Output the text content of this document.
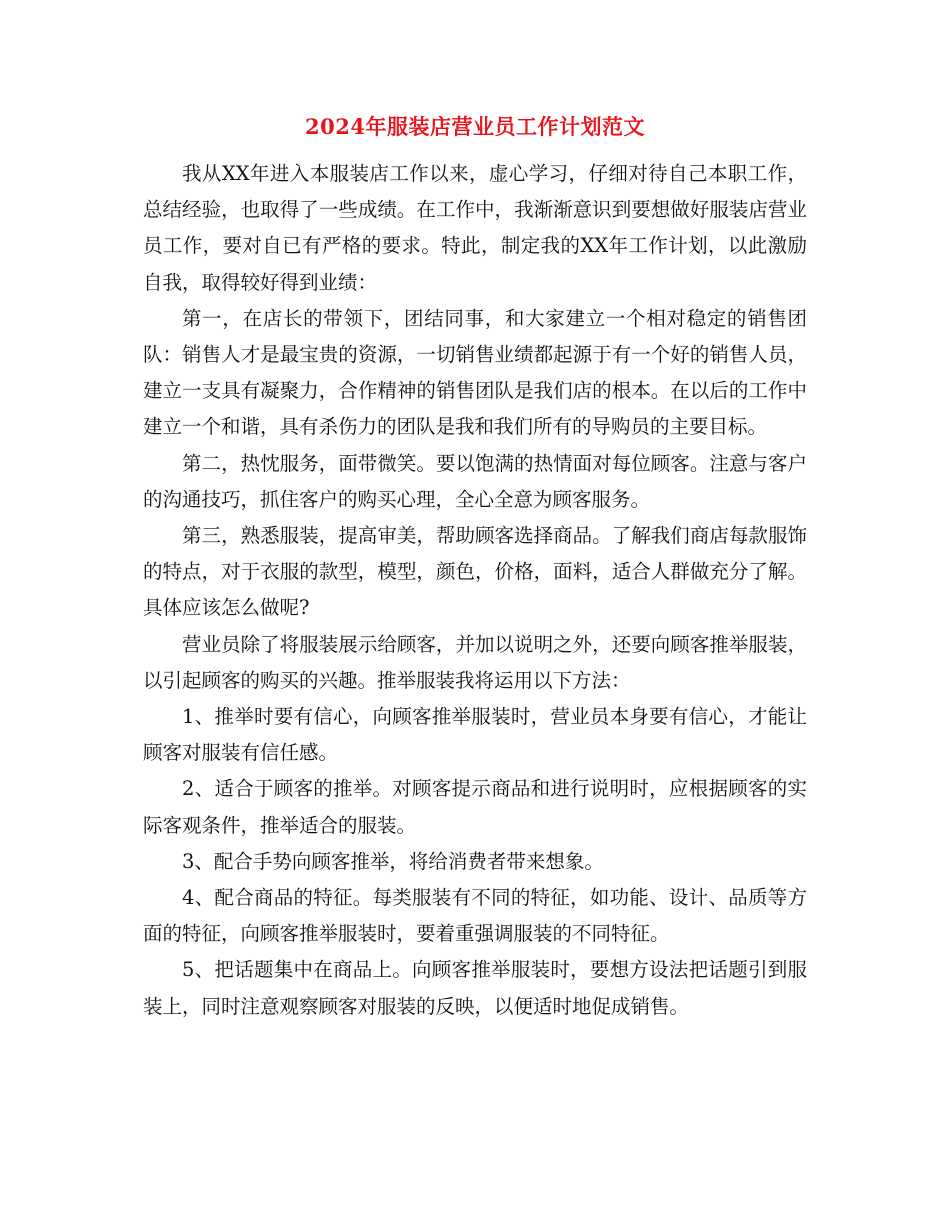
2024年服装店营业员工作计划范文

我从XX年进入本服装店工作以来，虚心学习，仔细对待自己本职工作，总结经验，也取得了一些成绩。在工作中，我渐渐意识到要想做好服装店营业员工作，要对自已有严格的要求。特此，制定我的XX年工作计划，以此激励自我，取得较好得到业绩：

第一，在店长的带领下，团结同事，和大家建立一个相对稳定的销售团队：销售人才是最宝贵的资源，一切销售业绩都起源于有一个好的销售人员，建立一支具有凝聚力，合作精神的销售团队是我们店的根本。在以后的工作中建立一个和谐，具有杀伤力的团队是我和我们所有的导购员的主要目标。

第二，热忱服务，面带微笑。要以饱满的热情面对每位顾客。注意与客户的沟通技巧，抓住客户的购买心理，全心全意为顾客服务。

第三，熟悉服装，提高审美，帮助顾客选择商品。了解我们商店每款服饰的特点，对于衣服的款型，模型，颜色，价格，面料，适合人群做充分了解。具体应该怎么做呢?

营业员除了将服装展示给顾客，并加以说明之外，还要向顾客推举服装，以引起顾客的购买的兴趣。推举服装我将运用以下方法：

1、推举时要有信心，向顾客推举服装时，营业员本身要有信心，才能让顾客对服装有信任感。

2、适合于顾客的推举。对顾客提示商品和进行说明时，应根据顾客的实际客观条件，推举适合的服装。

3、配合手势向顾客推举，将给消费者带来想象。

4、配合商品的特征。每类服装有不同的特征，如功能、设计、品质等方面的特征，向顾客推举服装时，要着重强调服装的不同特征。

5、把话题集中在商品上。向顾客推举服装时，要想方设法把话题引到服装上，同时注意观察顾客对服装的反映，以便适时地促成销售。
